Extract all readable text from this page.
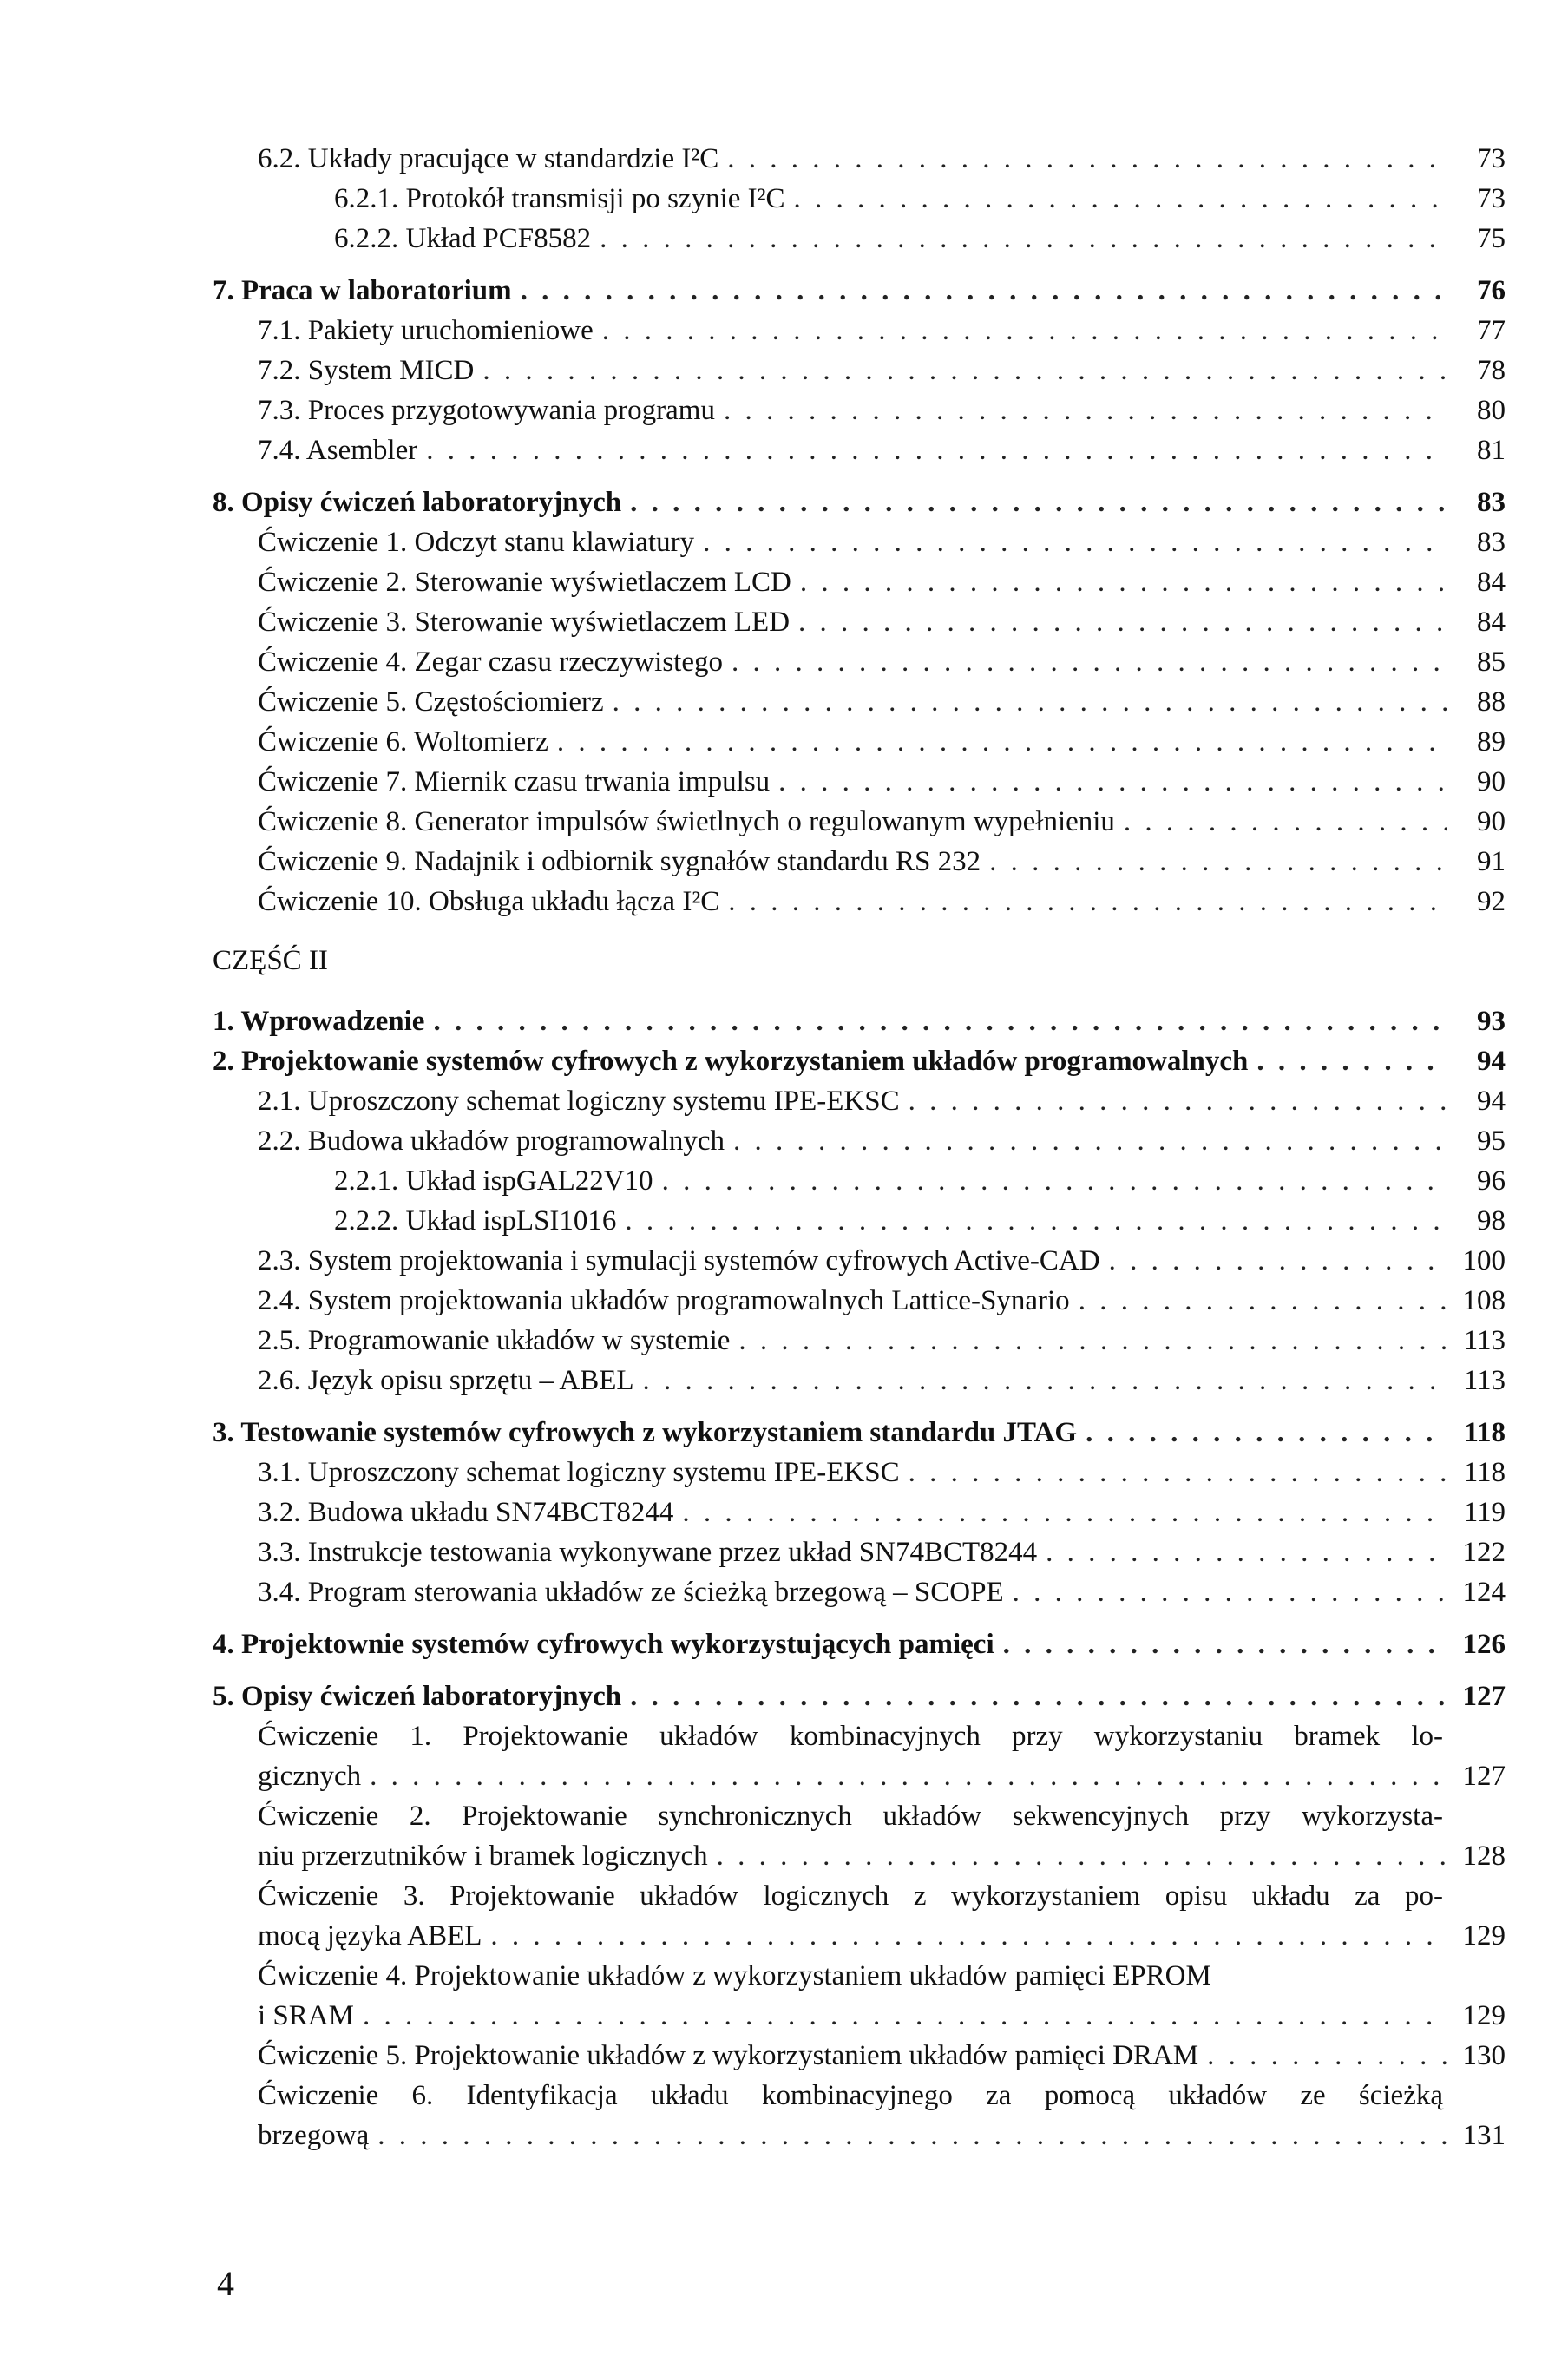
6.2. Układy pracujące w standardzie I²C . . .	73
6.2.1. Protokół transmisji po szynie I²C . . .	73
6.2.2. Układ PCF8582 . . .	75
7. Praca w laboratorium . . .	76
7.1. Pakiety uruchomieniowe . . .	77
7.2. System MICD . . .	78
7.3. Proces przygotowywania programu . . .	80
7.4. Asembler . . .	81
8. Opisy ćwiczeń laboratoryjnych . . .	83
Ćwiczenie 1. Odczyt stanu klawiatury . . .	83
Ćwiczenie 2. Sterowanie wyświetlaczem LCD . . .	84
Ćwiczenie 3. Sterowanie wyświetlaczem LED . . .	84
Ćwiczenie 4. Zegar czasu rzeczywistego . . .	85
Ćwiczenie 5. Częstościomierz . . .	88
Ćwiczenie 6. Woltomierz . . .	89
Ćwiczenie 7. Miernik czasu trwania impulsu . . .	90
Ćwiczenie 8. Generator impulsów świetlnych o regulowanym wypełnieniu . . .	90
Ćwiczenie 9. Nadajnik i odbiornik sygnałów standardu RS 232 . . .	91
Ćwiczenie 10. Obsługa układu łącza I²C . . .	92
CZĘŚĆ II
1. Wprowadzenie . . .	93
2. Projektowanie systemów cyfrowych z wykorzystaniem układów programowalnych . . .	94
2.1. Uproszczony schemat logiczny systemu IPE-EKSC . . .	94
2.2. Budowa układów programowalnych . . .	95
2.2.1. Układ ispGAL22V10 . . .	96
2.2.2. Układ ispLSI1016 . . .	98
2.3. System projektowania i symulacji systemów cyfrowych Active-CAD . . .	100
2.4. System projektowania układów programowalnych Lattice-Synario . . .	108
2.5. Programowanie układów w systemie . . .	113
2.6. Język opisu sprzętu – ABEL . . .	113
3. Testowanie systemów cyfrowych z wykorzystaniem standardu JTAG . . .	118
3.1. Uproszczony schemat logiczny systemu IPE-EKSC . . .	118
3.2. Budowa układu SN74BCT8244 . . .	119
3.3. Instrukcje testowania wykonywane przez układ SN74BCT8244 . . .	122
3.4. Program sterowania układów ze ścieżką brzegową – SCOPE . . .	124
4. Projektownie systemów cyfrowych wykorzystujących pamięci . . .	126
5. Opisy ćwiczeń laboratoryjnych . . .	127
Ćwiczenie 1. Projektowanie układów kombinacyjnych przy wykorzystaniu bramek lo-
gicznych . . .	127
Ćwiczenie 2. Projektowanie synchronicznych układów sekwencyjnych przy wykorzysta-
niu przerzutników i bramek logicznych . . .	128
Ćwiczenie 3. Projektowanie układów logicznych z wykorzystaniem opisu układu za po-
mocą języka ABEL . . .	129
Ćwiczenie 4. Projektowanie układów z wykorzystaniem układów pamięci EPROM
i SRAM . . .	129
Ćwiczenie 5. Projektowanie układów z wykorzystaniem układów pamięci DRAM . . .	130
Ćwiczenie 6. Identyfikacja układu kombinacyjnego za pomocą układów ze ścieżką
brzegową . . .	131
4
